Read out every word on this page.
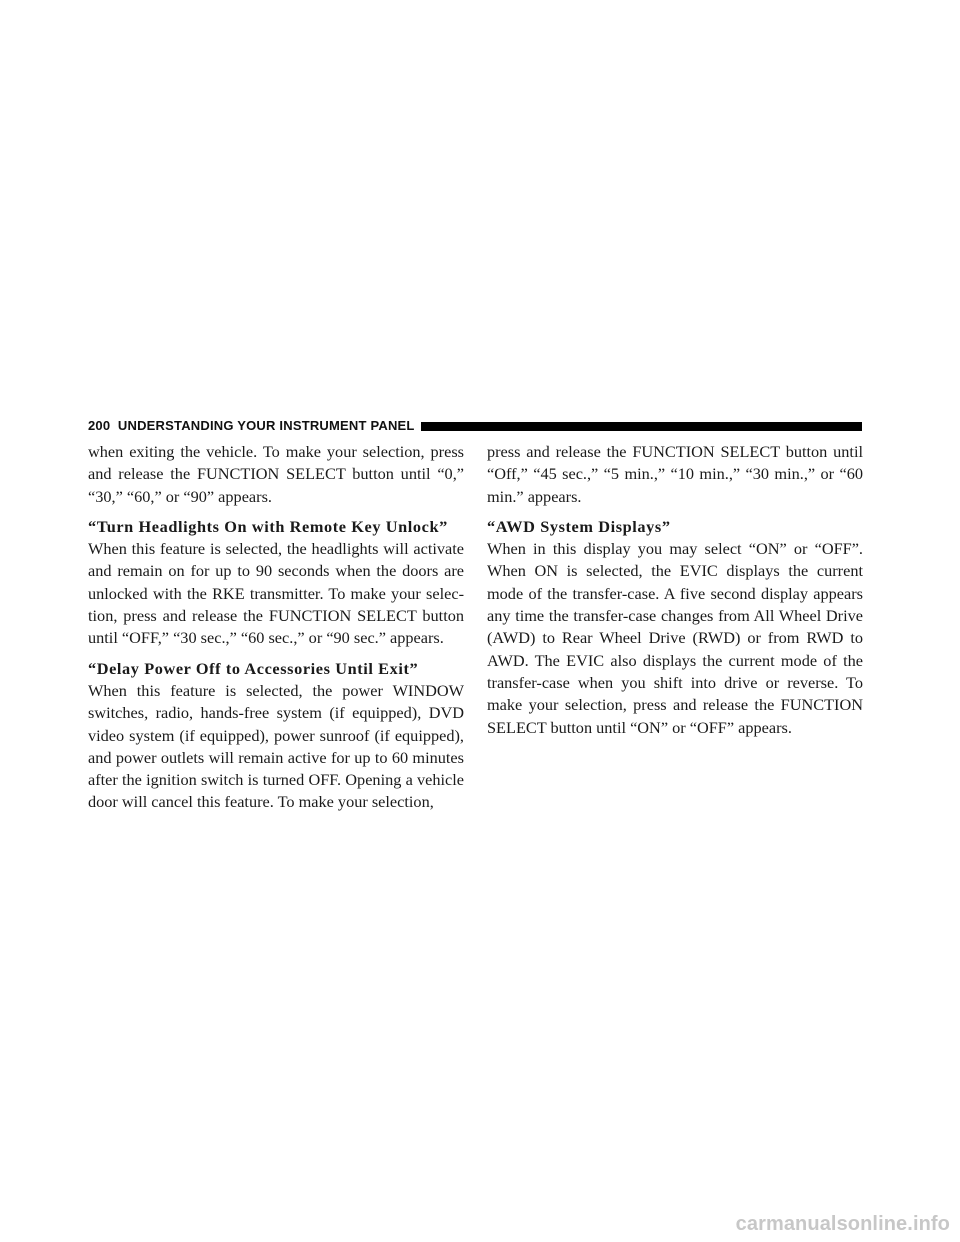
200 UNDERSTANDING YOUR INSTRUMENT PANEL

when exiting the vehicle. To make your selection, press and release the FUNCTION SELECT button until “0,” “30,” “60,” or “90” appears.

“Turn Headlights On with Remote Key Unlock”

When this feature is selected, the headlights will activate and remain on for up to 90 seconds when the doors are unlocked with the RKE transmitter. To make your selec-tion, press and release the FUNCTION SELECT button until “OFF,” “30 sec.,” “60 sec.,” or “90 sec.” appears.

“Delay Power Off to Accessories Until Exit”

When this feature is selected, the power WINDOW switches, radio, hands-free system (if equipped), DVD video system (if equipped), power sunroof (if equipped), and power outlets will remain active for up to 60 minutes after the ignition switch is turned OFF. Opening a vehicle door will cancel this feature. To make your selection,

press and release the FUNCTION SELECT button until “Off,” “45 sec.,” “5 min.,” “10 min.,” “30 min.,” or “60 min.” appears.

“AWD System Displays”

When in this display you may select “ON” or “OFF”. When ON is selected, the EVIC displays the current mode of the transfer-case. A five second display appears any time the transfer-case changes from All Wheel Drive (AWD) to Rear Wheel Drive (RWD) or from RWD to AWD. The EVIC also displays the current mode of the transfer-case when you shift into drive or reverse. To make your selection, press and release the FUNCTION SELECT button until “ON” or “OFF” appears.

carmanualsonline.info
